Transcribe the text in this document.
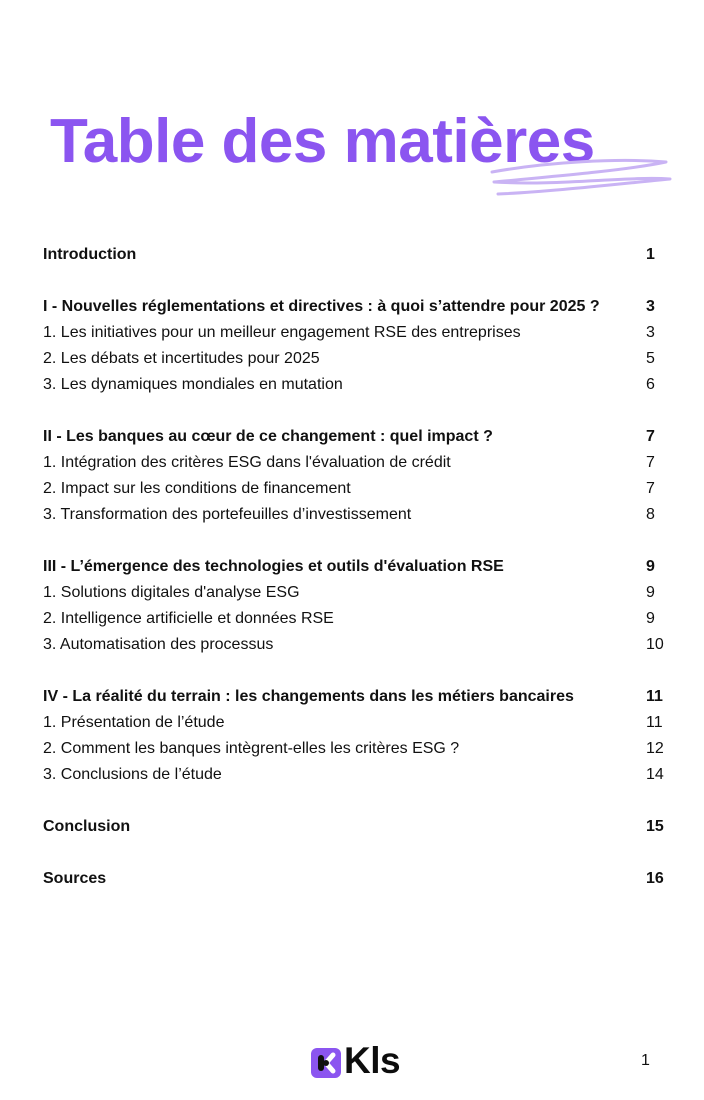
Table des matières
Introduction	1
I - Nouvelles réglementations et directives : à quoi s’attendre pour 2025 ?	3
1. Les initiatives pour un meilleur engagement RSE des entreprises	3
2. Les débats et incertitudes pour 2025	5
3. Les dynamiques mondiales en mutation	6
II - Les banques au cœur de ce changement : quel impact ?	7
1. Intégration des critères ESG dans l'évaluation de crédit	7
2. Impact sur les conditions de financement	7
3. Transformation des portefeuilles d’investissement	8
III - L’émergence des technologies et outils d'évaluation RSE	9
1. Solutions digitales d'analyse ESG	9
2. Intelligence artificielle et données RSE	9
3. Automatisation des processus	10
IV - La réalité du terrain : les changements dans les métiers bancaires	11
1. Présentation de l’étude	11
2. Comment les banques intègrent-elles les critères ESG ?	12
3. Conclusions de l’étude	14
Conclusion	15
Sources	16
Kls	1
